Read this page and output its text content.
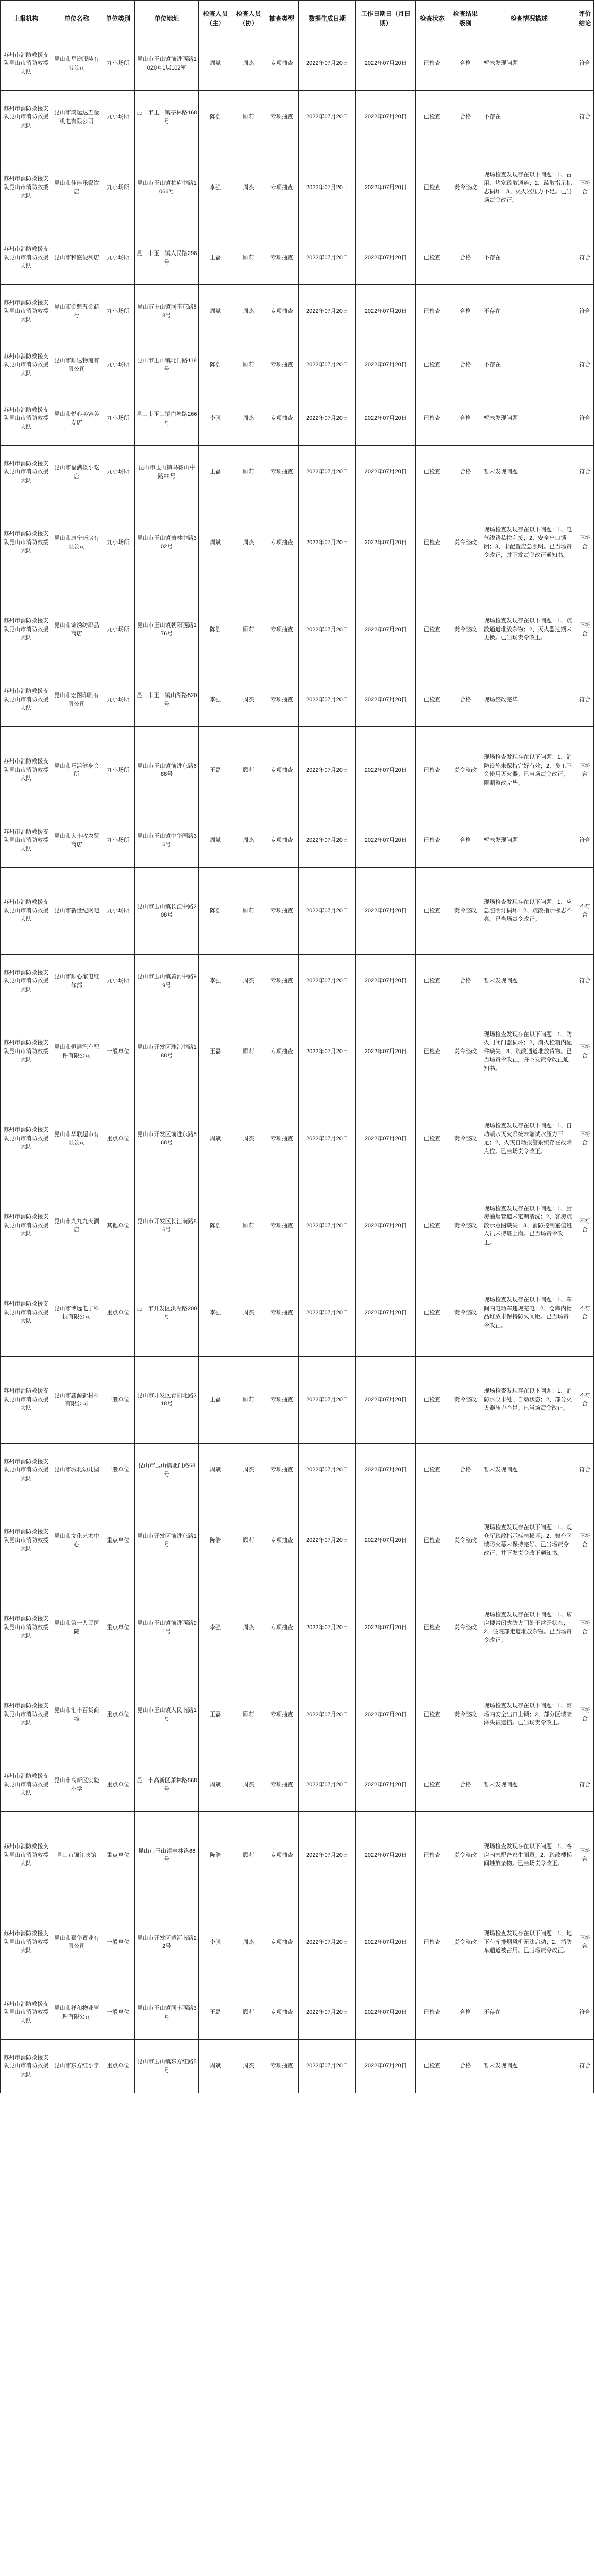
上报机构	单位名称	单位类别	单位地址	检查人员（主）	检查人员（协）	抽查类型	数据生成日期	工作日期日（月日期）	检查状态	检查结果级别	检查情况描述	评价结论
苏州市消防救援支队昆山市消防救援大队	昆山市星途服装有限公司	九小场所	昆山市玉山镇前进西路1020号1层102室	周斌	周杰	专项抽查	2022年07月20日	2022年07月20日	已检查	合格	暂未发现问题	符合
苏州市消防救援支队昆山市消防救援大队	昆山市鸿运达五金机电有限公司	九小场所	昆山市玉山镇亭林路168号	陈浩	顾莉	专项抽查	2022年07月20日	2022年07月20日	已检查	合格	不存在	符合
苏州市消防救援支队昆山市消防救援大队	昆山市佳佳乐餐饮店	九小场所	昆山市玉山镇柏庐中路1066号	李强	周杰	专项抽查	2022年07月20日	2022年07月20日	已检查	责令整改	现场检查发现存在以下问题：1、占用、堵塞疏散通道；2、疏散指示标志损坏；3、灭火器压力不足。已当场责令改正。	不符合
苏州市消防救援支队昆山市消防救援大队	昆山市和盛便利店	九小场所	昆山市玉山镇人民路298号	王磊	顾莉	专项抽查	2022年07月20日	2022年07月20日	已检查	合格	不存在	符合
苏州市消防救援支队昆山市消防救援大队	昆山市金鼎五金商行	九小场所	昆山市玉山镇同丰东路58号	周斌	周杰	专项抽查	2022年07月20日	2022年07月20日	已检查	合格	不存在	符合
苏州市消防救援支队昆山市消防救援大队	昆山市顺达物流有限公司	九小场所	昆山市玉山镇北门路118号	陈浩	顾莉	专项抽查	2022年07月20日	2022年07月20日	已检查	合格	不存在	符合
苏州市消防救援支队昆山市消防救援大队	昆山市悦心美容美发店	九小场所	昆山市玉山镇白塘路266号	李强	周杰	专项抽查	2022年07月20日	2022年07月20日	已检查	合格	暂未发现问题	符合
苏州市消防救援支队昆山市消防救援大队	昆山市福满楼小吃店	九小场所	昆山市玉山镇马鞍山中路88号	王磊	顾莉	专项抽查	2022年07月20日	2022年07月20日	已检查	合格	暂未发现问题	符合
苏州市消防救援支队昆山市消防救援大队	昆山市康宁药房有限公司	九小场所	昆山市玉山镇萧林中路302号	周斌	周杰	专项抽查	2022年07月20日	2022年07月20日	已检查	责令整改	现场检查发现存在以下问题：1、电气线路私拉乱接；2、安全出口锁闭；3、未配置应急照明。已当场责令改正，并下发责令改正通知书。	不符合
苏州市消防救援支队昆山市消防救援大队	昆山市锦绣纺织品商店	九小场所	昆山市玉山镇朝阳西路176号	陈浩	顾莉	专项抽查	2022年07月20日	2022年07月20日	已检查	责令整改	现场检查发现存在以下问题：1、疏散通道堆放杂物；2、灭火器过期未更换。已当场责令改正。	不符合
苏州市消防救援支队昆山市消防救援大队	昆山市宏图印刷有限公司	九小场所	昆山市玉山镇山湖路520号	李强	周杰	专项抽查	2022年07月20日	2022年07月20日	已检查	合格	现场整改完毕	符合
苏州市消防救援支队昆山市消防救援大队	昆山市乐活健身会所	九小场所	昆山市玉山镇前进东路688号	王磊	顾莉	专项抽查	2022年07月20日	2022年07月20日	已检查	责令整改	现场检查发现存在以下问题：1、消防设施未保持完好有效；2、员工不会使用灭火器。已当场责令改正，限期整改完毕。	不符合
苏州市消防救援支队昆山市消防救援大队	昆山市大丰收农贸商店	九小场所	昆山市玉山镇中华园路36号	周斌	周杰	专项抽查	2022年07月20日	2022年07月20日	已检查	合格	暂未发现问题	符合
苏州市消防救援支队昆山市消防救援大队	昆山市新世纪网吧	九小场所	昆山市玉山镇长江中路208号	陈浩	顾莉	专项抽查	2022年07月20日	2022年07月20日	已检查	责令整改	现场检查发现存在以下问题：1、应急照明灯损坏；2、疏散指示标志不亮。已当场责令改正。	不符合
苏州市消防救援支队昆山市消防救援大队	昆山市顺心家电维修部	九小场所	昆山市玉山镇黄河中路99号	李强	周杰	专项抽查	2022年07月20日	2022年07月20日	已检查	合格	暂未发现问题	符合
苏州市消防救援支队昆山市消防救援大队	昆山市恒通汽车配件有限公司	一般单位	昆山市开发区珠江中路188号	王磊	顾莉	专项抽查	2022年07月20日	2022年07月20日	已检查	责令整改	现场检查发现存在以下问题：1、防火门闭门器损坏；2、消火栓箱内配件缺失；3、疏散通道堆放货物。已当场责令改正，并下发责令改正通知书。	不符合
苏州市消防救援支队昆山市消防救援大队	昆山市华联超市有限公司	重点单位	昆山市开发区前进东路568号	周斌	周杰	专项抽查	2022年07月20日	2022年07月20日	已检查	责令整改	现场检查发现存在以下问题：1、自动喷水灭火系统末端试水压力不足；2、火灾自动报警系统存在故障点位。已当场责令改正。	不符合
苏州市消防救援支队昆山市消防救援大队	昆山市九九九大酒店	其他单位	昆山市开发区长江南路86号	陈浩	顾莉	专项抽查	2022年07月20日	2022年07月20日	已检查	责令整改	现场检查发现存在以下问题：1、厨房油烟管道未定期清洗；2、客房疏散示意图缺失；3、消防控制室值班人员未持证上岗。已当场责令改正。	不符合
苏州市消防救援支队昆山市消防救援大队	昆山市博远电子科技有限公司	重点单位	昆山市开发区洪湖路200号	李强	周杰	专项抽查	2022年07月20日	2022年07月20日	已检查	责令整改	现场检查发现存在以下问题：1、车间内电动车违规充电；2、仓库内物品堆放未保持防火间距。已当场责令改正。	不符合
苏州市消防救援支队昆山市消防救援大队	昆山市鑫源新材料有限公司	一般单位	昆山市开发区青阳北路318号	王磊	顾莉	专项抽查	2022年07月20日	2022年07月20日	已检查	责令整改	现场检查发现存在以下问题：1、消防水泵未处于自动状态；2、部分灭火器压力不足。已当场责令改正。	不符合
苏州市消防救援支队昆山市消防救援大队	昆山市城北幼儿园	一般单位	昆山市玉山镇北门路68号	周斌	周杰	专项抽查	2022年07月20日	2022年07月20日	已检查	合格	暂未发现问题	符合
苏州市消防救援支队昆山市消防救援大队	昆山市文化艺术中心	重点单位	昆山市开发区前进东路1号	陈浩	顾莉	专项抽查	2022年07月20日	2022年07月20日	已检查	责令整改	现场检查发现存在以下问题：1、观众厅疏散指示标志损坏；2、舞台区域防火幕未保持完好。已当场责令改正，并下发责令改正通知书。	不符合
苏州市消防救援支队昆山市消防救援大队	昆山市第一人民医院	重点单位	昆山市玉山镇前进西路91号	李强	周杰	专项抽查	2022年07月20日	2022年07月20日	已检查	责令整改	现场检查发现存在以下问题：1、病房楼常闭式防火门处于常开状态；2、住院部走道堆放杂物。已当场责令改正。	不符合
苏州市消防救援支队昆山市消防救援大队	昆山市汇丰百货商场	重点单位	昆山市玉山镇人民南路1号	王磊	顾莉	专项抽查	2022年07月20日	2022年07月20日	已检查	责令整改	现场检查发现存在以下问题：1、商场内安全出口上锁；2、部分区域喷淋头被遮挡。已当场责令改正。	不符合
苏州市消防救援支队昆山市消防救援大队	昆山市高新区实验小学	重点单位	昆山市高新区萧林路568号	周斌	周杰	专项抽查	2022年07月20日	2022年07月20日	已检查	合格	暂未发现问题	符合
苏州市消防救援支队昆山市消防救援大队	昆山市锦江宾馆	重点单位	昆山市玉山镇亭林路66号	陈浩	顾莉	专项抽查	2022年07月20日	2022年07月20日	已检查	责令整改	现场检查发现存在以下问题：1、客房内未配备逃生面罩；2、疏散楼梯间堆放杂物。已当场责令改正。	不符合
苏州市消防救援支队昆山市消防救援大队	昆山市嘉华置业有限公司	一般单位	昆山市开发区黄河南路22号	李强	周杰	专项抽查	2022年07月20日	2022年07月20日	已检查	责令整改	现场检查发现存在以下问题：1、地下车库排烟风机无法启动；2、消防车通道被占用。已当场责令改正。	不符合
苏州市消防救援支队昆山市消防救援大队	昆山市祥和物业管理有限公司	一般单位	昆山市玉山镇同丰西路3号	王磊	顾莉	专项抽查	2022年07月20日	2022年07月20日	已检查	合格	不存在	符合
苏州市消防救援支队昆山市消防救援大队	昆山市东方红小学	重点单位	昆山市玉山镇东方红路5号	周斌	周杰	专项抽查	2022年07月20日	2022年07月20日	已检查	合格	暂未发现问题	符合
